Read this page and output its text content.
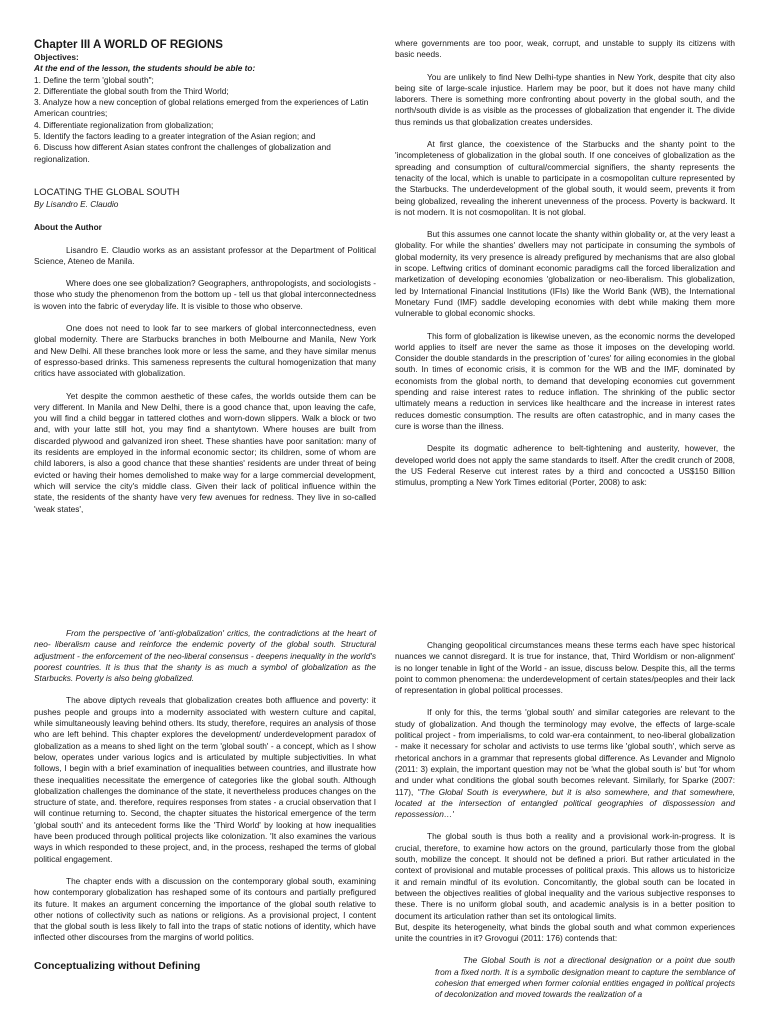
Chapter III A WORLD OF REGIONS

Objectives:

At the end of the lesson, the students should be able to:

1. Define the term 'global south";
2. Differentiate the global south from the Third World;
3. Analyze how a new conception of global relations emerged from the experiences of Latin American countries;
4. Differentiate regionalization from globalization;
5. Identify the factors leading to a greater integration of the Asian region; and
6. Discuss how different Asian states confront the challenges of globalization and regionalization.

LOCATING THE GLOBAL SOUTH

By Lisandro E. Claudio

About the Author

Lisandro E. Claudio works as an assistant professor at the Department of Political Science, Ateneo de Manila.

Where does one see globalization? Geographers, anthropologists, and sociologists - those who study the phenomenon from the bottom up - tell us that global interconnectedness is woven into the fabric of everyday life. It is visible to those who observe.

One does not need to look far to see markers of global interconnectedness, even global modernity. There are Starbucks branches in both Melbourne and Manila, New York and New Delhi. All these branches look more or less the same, and they have similar menus of espresso-based drinks. This sameness represents the cultural homogenization that many critics have associated with globalization.

Yet despite the common aesthetic of these cafes, the worlds outside them can be very different. In Manila and New Delhi, there is a good chance that, upon leaving the cafe, you will find a child beggar in tattered clothes and worn-down slippers. Walk a block or two and, with your latte still hot, you may find a shantytown. Where houses are built from discarded plywood and galvanized iron sheet. These shanties have poor sanitation: many of its residents are employed in the informal economic sector; its children, some of whom are child laborers, is also a good chance that these shanties' residents are under threat of being evicted or having their homes demolished to make way for a large commercial development, which will service the city's middle class. Given their lack of political influence within the state, the residents of the shanty have very few avenues for redness. They live in so-called 'weak states',

where governments are too poor, weak, corrupt, and unstable to supply its citizens with basic needs.

You are unlikely to find New Delhi-type shanties in New York, despite that city also being site of large-scale injustice. Harlem may be poor, but it does not have many child laborers. There is something more confronting about poverty in the global south, and the north/south divide is as visible as the processes of globalization that engender it. The divide thus reminds us that globalization creates undersides.

At first glance, the coexistence of the Starbucks and the shanty point to the 'incompleteness of globalization in the global south. If one conceives of globalization as the spreading and consumption of cultural/commercial signifiers, the shanty represents the tenacity of the local, which is unable to participate in a cosmopolitan culture represented by the Starbucks. The underdevelopment of the global south, it would seem, prevents it from being globalized, revealing the inherent unevenness of the process. Poverty is backward. It is not modern. It is not cosmopolitan. It is not global.

But this assumes one cannot locate the shanty within globality or, at the very least a globality. For while the shanties' dwellers may not participate in consuming the symbols of global modernity, its very presence is already prefigured by mechanisms that are also global in scope. Leftwing critics of dominant economic paradigms call the forced liberalization and marketization of developing economies 'globalization or neo-liberalism. This globalization, led by International Financial Institutions (IFIs) like the World Bank (WB), the International Monetary Fund (IMF) saddle developing economies with debt while making them more vulnerable to global economic shocks.

This form of globalization is likewise uneven, as the economic norms the developed world applies to itself are never the same as those it imposes on the developing world. Consider the double standards in the prescription of 'cures' for ailing economies in the global south. In times of economic crisis, it is common for the WB and the IMF, dominated by economists from the global north, to demand that developing economies cut government spending and raise interest rates to reduce inflation. The shrinking of the public sector ultimately means a reduction in services like healthcare and the increase in interest rates reduces domestic consumption. The results are often catastrophic, and in many cases the cure is worse than the illness.

Despite its dogmatic adherence to belt-tightening and austerity, however, the developed world does not apply the same standards to itself. After the credit crunch of 2008, the US Federal Reserve cut interest rates by a third and concocted a US$150 Billion stimulus, prompting a New York Times editorial (Porter, 2008) to ask:

From the perspective of 'anti-globalization' critics, the contradictions at the heart of neo- liberalism cause and reinforce the endemic poverty of the global south. Structural adjustment - the enforcement of the neo-liberal consensus - deepens inequality in the world's poorest countries. It is thus that the shanty is as much a symbol of globalization as the Starbucks. Poverty is also being globalized.

The above diptych reveals that globalization creates both affluence and poverty: it pushes people and groups into a modernity associated with western culture and capital, while simultaneously leaving behind others. Its study, therefore, requires an analysis of those who are left behind. This chapter explores the development/ underdevelopment paradox of globalization as a means to shed light on the term 'global south' - a concept, which as I show below, operates under various logics and is articulated by multiple subjectivities. In what follows, I begin with a brief examination of inequalities between countries, and illustrate how these inequalities necessitate the emergence of categories like the global south. Although globalization challenges the dominance of the state, it nevertheless produces changes on the structure of state, and. therefore, requires responses from states - a crucial observation that I will continue returning to. Second, the chapter situates the historical emergence of the term 'global south' and its antecedent forms like the 'Third World' by looking at how inequalities have been produced through political projects like colonization. 'It also examines the various ways in which responded to these project, and, in the process, reshaped the terms of global political engagement.

The chapter ends with a discussion on the contemporary global south, examining how contemporary globalization has reshaped some of its contours and partially prefigured its future. It makes an argument concerning the importance of the global south relative to other notions of collectivity such as nations or religions. As a provisional project, I content that the global south is less likely to fall into the traps of static notions of identity, which have inflected other discourses from the margins of world politics.

Conceptualizing without Defining

Changing geopolitical circumstances means these terms each have spec historical nuances we cannot disregard. It is true for instance, that, Third Worldism or non-alignment' is no longer tenable in light of the World - an issue, discuss below. Despite this, all the terms point to common phenomena: the underdevelopment of certain states/peoples and their lack of representation in global political processes.

If only for this, the terms 'global south' and similar categories are relevant to the study of globalization. And though the terminology may evolve, the effects of large-scale political project - from imperialisms, to cold war-era containment, to neo-liberal globalization - make it necessary for scholar and activists to use terms like 'global south', which serve as rhetorical anchors in a grammar that represents global difference. As Levander and Mignolo (2011: 3) explain, the important question may not be 'what the global south is' but 'for whom and under what conditions the global south becomes relevant. Similarly, for Sparke (2007: 117), "The Global South is everywhere, but it is also somewhere, and that somewhere, located at the intersection of entangled political geographies of dispossession and repossession…'

The global south is thus both a reality and a provisional work-in-progress. It is crucial, therefore, to examine how actors on the ground, particularly those from the global south, mobilize the concept. It should not be defined a priori. But rather articulated in the context of provisional and mutable processes of political praxis. This allows us to historicize it and remain mindful of its evolution. Concomitantly, the global south can be located in between the objectives realities of global inequality and the various subjective responses to these. There is no uniform global south, and academic analysis is in a better position to document its articulation rather than set its ontological limits.

But, despite its heterogeneity, what binds the global south and what common experiences unite the countries in it? Grovogui (2011: 176) contends that:

The Global South is not a directional designation or a point due south from a fixed north. It is a symbolic designation meant to capture the semblance of cohesion that emerged when former colonial entities engaged in political projects of decolonization and moved towards the realization of a
